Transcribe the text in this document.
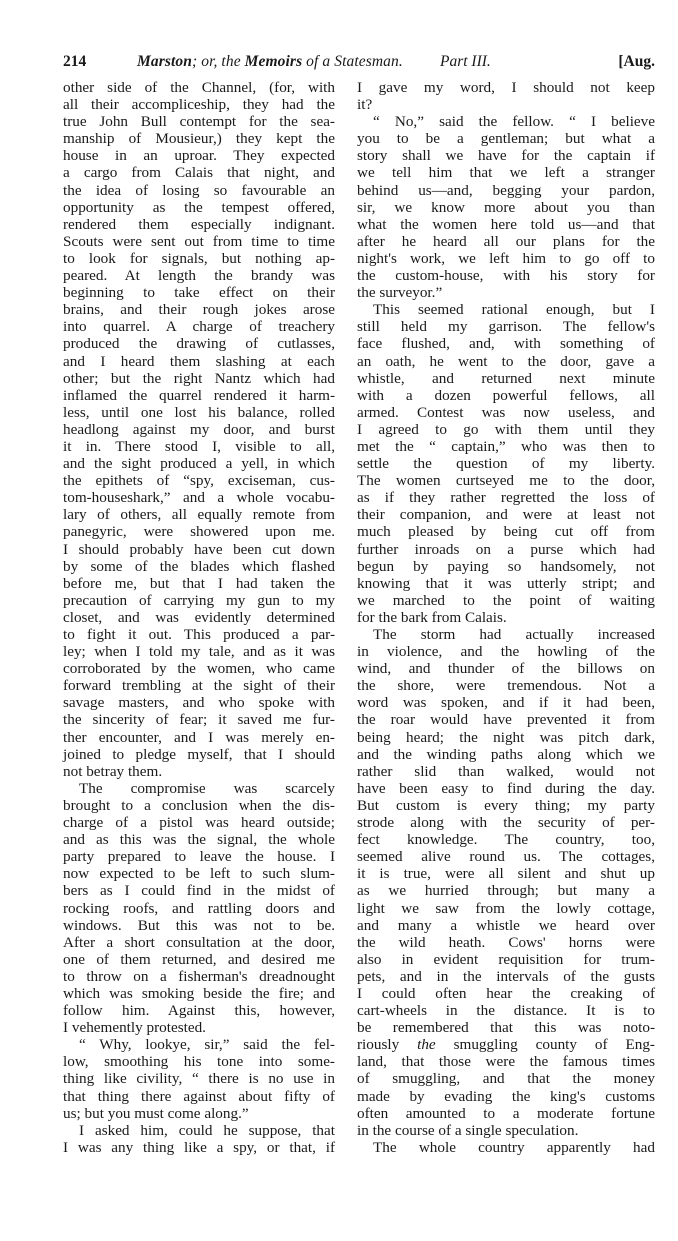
214	Marston; or, the Memoirs of a Statesman. Part III.	[Aug.
other side of the Channel, (for, with
all their accompliceship, they had the
true John Bull contempt for the sea-
manship of Mousieur,) they kept the
house in an uproar. They expected
a cargo from Calais that night, and
the idea of losing so favourable an
opportunity as the tempest offered,
rendered them especially indignant.
Scouts were sent out from time to time
to look for signals, but nothing ap-
peared. At length the brandy was
beginning to take effect on their
brains, and their rough jokes arose
into quarrel. A charge of treachery
produced the drawing of cutlasses,
and I heard them slashing at each
other; but the right Nantz which had
inflamed the quarrel rendered it harm-
less, until one lost his balance, rolled
headlong against my door, and burst
it in. There stood I, visible to all,
and the sight produced a yell, in which
the epithets of “spy, exciseman, cus-
tom-houseshark,” and a whole vocabu-
lary of others, all equally remote from
panegyric, were showered upon me.
I should probably have been cut down
by some of the blades which flashed
before me, but that I had taken the
precaution of carrying my gun to my
closet, and was evidently determined
to fight it out. This produced a par-
ley; when I told my tale, and as it was
corroborated by the women, who came
forward trembling at the sight of their
savage masters, and who spoke with
the sincerity of fear; it saved me fur-
ther encounter, and I was merely en-
joined to pledge myself, that I should
not betray them.
The compromise was scarcely
brought to a conclusion when the dis-
charge of a pistol was heard outside;
and as this was the signal, the whole
party prepared to leave the house. I
now expected to be left to such slum-
bers as I could find in the midst of
rocking roofs, and rattling doors and
windows. But this was not to be.
After a short consultation at the door,
one of them returned, and desired me
to throw on a fisherman's dreadnought
which was smoking beside the fire; and
follow him. Against this, however,
I vehemently protested.
“ Why, lookye, sir,” said the fel-
low, smoothing his tone into some-
thing like civility, “ there is no use in
that thing there against about fifty of
us; but you must come along.”
I asked him, could he suppose, that
I was any thing like a spy, or that, if
I gave my word, I should not keep
it?
“ No,” said the fellow. “ I believe
you to be a gentleman; but what a
story shall we have for the captain if
we tell him that we left a stranger
behind us—and, begging your pardon,
sir, we know more about you than
what the women here told us—and that
after he heard all our plans for the
night's work, we left him to go off to
the custom-house, with his story for
the surveyor.”
This seemed rational enough, but I
still held my garrison. The fellow's
face flushed, and, with something of
an oath, he went to the door, gave a
whistle, and returned next minute
with a dozen powerful fellows, all
armed. Contest was now useless, and
I agreed to go with them until they
met the “ captain,” who was then to
settle the question of my liberty.
The women curtseyed me to the door,
as if they rather regretted the loss of
their companion, and were at least not
much pleased by being cut off from
further inroads on a purse which had
begun by paying so handsomely, not
knowing that it was utterly stript; and
we marched to the point of waiting
for the bark from Calais.
The storm had actually increased
in violence, and the howling of the
wind, and thunder of the billows on
the shore, were tremendous. Not a
word was spoken, and if it had been,
the roar would have prevented it from
being heard; the night was pitch dark,
and the winding paths along which we
rather slid than walked, would not
have been easy to find during the day.
But custom is every thing; my party
strode along with the security of per-
fect knowledge. The country, too,
seemed alive round us. The cottages,
it is true, were all silent and shut up
as we hurried through; but many a
light we saw from the lowly cottage,
and many a whistle we heard over
the wild heath. Cows' horns were
also in evident requisition for trum-
pets, and in the intervals of the gusts
I could often hear the creaking of
cart-wheels in the distance. It is to
be remembered that this was noto-
riously the smuggling county of Eng-
land, that those were the famous times
of smuggling, and that the money
made by evading the king's customs
often amounted to a moderate fortune
in the course of a single speculation.
The whole country apparently had
